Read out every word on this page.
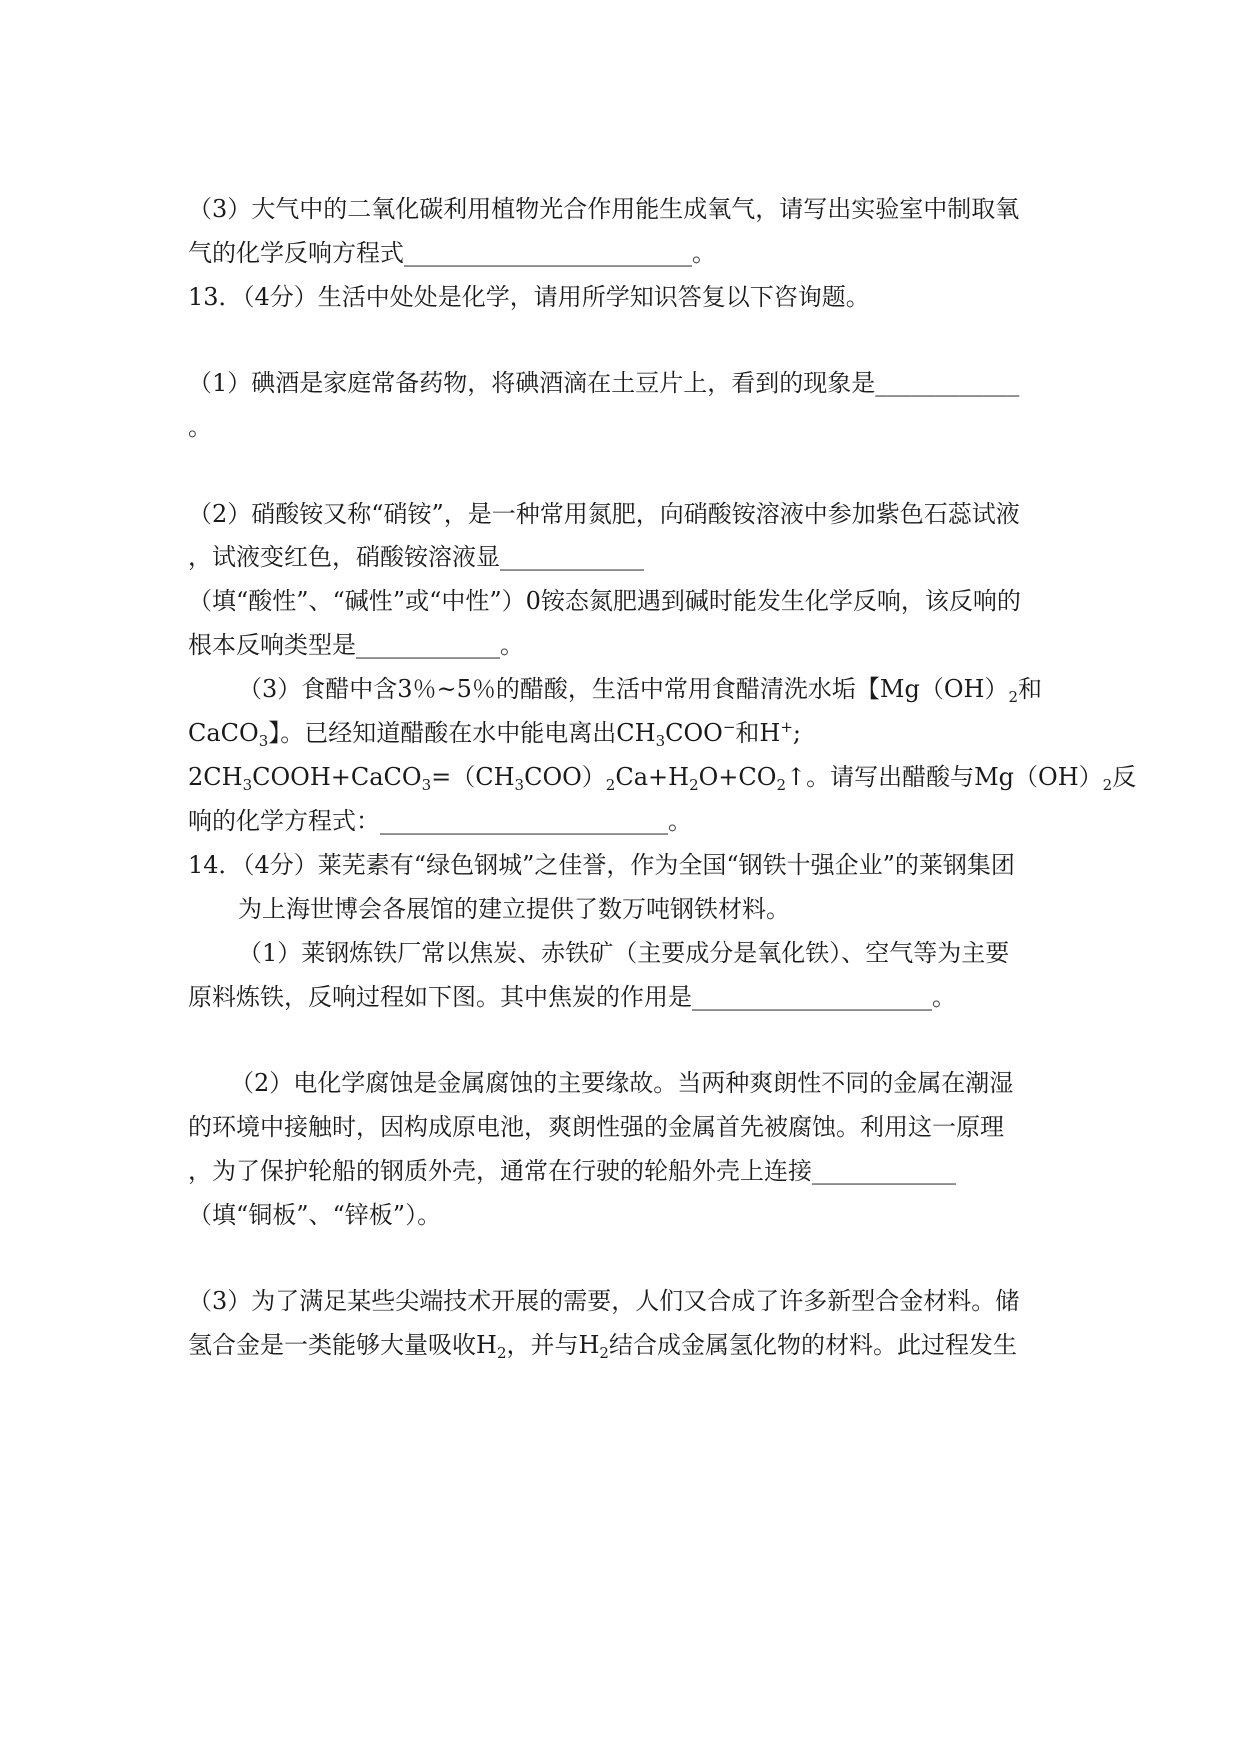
（3）大气中的二氧化碳利用植物光合作用能生成氧气，请写出实验室中制取氧
气的化学反响方程式________________________。
13．（4分）生活中处处是化学，请用所学知识答复以下咨询题。
（1）碘酒是家庭常备药物，将碘酒滴在土豆片上，看到的现象是____________
。
（2）硝酸铵又称“硝铵”，是一种常用氮肥，向硝酸铵溶液中参加紫色石蕊试液
，试液变红色，硝酸铵溶液显____________
（填“酸性”、“碱性”或“中性”）0铵态氮肥遇到碱时能发生化学反响，该反响的
根本反响类型是____________。
（3）食醋中含3％~5％的醋酸，生活中常用食醋清洗水垢【$Mg(OH)_2$和
CaCO$_3$】。已经知道醋酸在水中能电离出$CH_3COO^-$和H+;
$2CH_3COOH+CaCO_3=(CH_3COO)_2Ca+H_2O+CO_2↑$。请写出醋酸与$Mg(OH)_2$反
响的化学方程式：________________________。
14．（4分）莱芜素有“绿色钢城”之佳誉，作为全国“钢铁十强企业”的莱钢集团
为上海世博会各展馆的建立提供了数万吨钢铁材料。
（1）莱钢炼铁厂常以焦炭、赤铁矿（主要成分是氧化铁）、空气等为主要
原料炼铁，反响过程如下图。其中焦炭的作用是____________________。
（2）电化学腐蚀是金属腐蚀的主要缘故。当两种爽朗性不同的金属在潮湿
的环境中接触时，因构成原电池，爽朗性强的金属首先被腐蚀。利用这一原理
，为了保护轮船的钢质外壳，通常在行驶的轮船外壳上连接____________
（填“铜板”、“锌板”）。
（3）为了满足某些尖端技术开展的需要，人们又合成了许多新型合金材料。储
氢合金是一类能够大量吸收$H_2$，并与$H_2$结合成金属氢化物的材料。此过程发生
